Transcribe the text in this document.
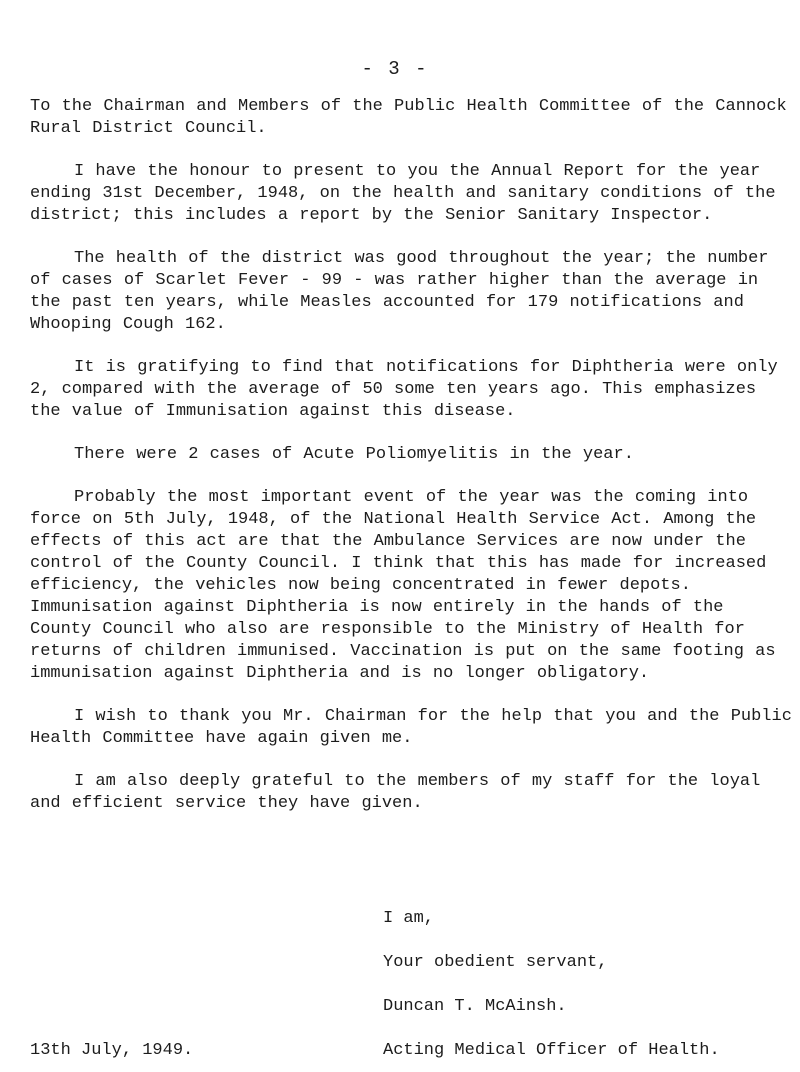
- 3 -

To the Chairman and Members of the Public Health Committee of the Cannock Rural District Council.

I have the honour to present to you the Annual Report for the year ending 31st December, 1948, on the health and sanitary conditions of the district; this includes a report by the Senior Sanitary Inspector.

The health of the district was good throughout the year; the number of cases of Scarlet Fever - 99 - was rather higher than the average in the past ten years, while Measles accounted for 179 notifications and Whooping Cough 162.

It is gratifying to find that notifications for Diphtheria were only 2, compared with the average of 50 some ten years ago. This emphasizes the value of Immunisation against this disease.

There were 2 cases of Acute Poliomyelitis in the year.

Probably the most important event of the year was the coming into force on 5th July, 1948, of the National Health Service Act. Among the effects of this act are that the Ambulance Services are now under the control of the County Council. I think that this has made for increased efficiency, the vehicles now being concentrated in fewer depots. Immunisation against Diphtheria is now entirely in the hands of the County Council who also are responsible to the Ministry of Health for returns of children immunised. Vaccination is put on the same footing as immunisation against Diphtheria and is no longer obligatory.

I wish to thank you Mr. Chairman for the help that you and the Public Health Committee have again given me.

I am also deeply grateful to the members of my staff for the loyal and efficient service they have given.

I am,
Your obedient servant,
Duncan T. McAinsh.
Acting Medical Officer of Health.
13th July, 1949.
